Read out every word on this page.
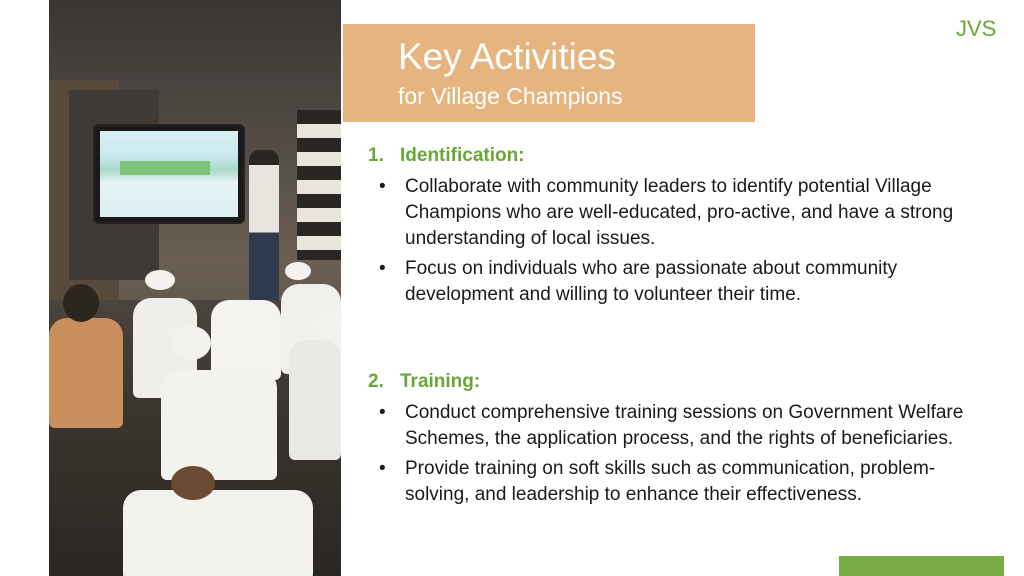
Key Activities
for Village Champions
JVS

1. Identification:

• Collaborate with community leaders to identify potential Village Champions who are well-educated, pro-active, and have a strong understanding of local issues.
• Focus on individuals who are passionate about community development and willing to volunteer their time.

2. Training:

• Conduct comprehensive training sessions on Government Welfare Schemes, the application process, and the rights of beneficiaries.
• Provide training on soft skills such as communication, problem-solving, and leadership to enhance their effectiveness.
